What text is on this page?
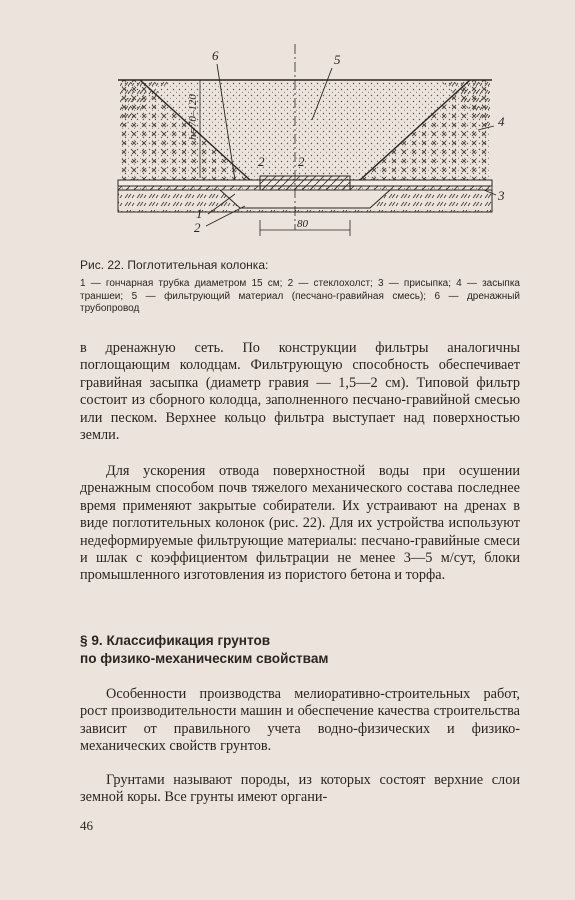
6	5
4
3
1
2
2	2
h=70–120
80

Рис. 22. Поглотительная колонка:

1 — гончарная трубка диаметром 15 см; 2 — стеклохолст; 3 — присыпка; 4 — засыпка траншеи; 5 — фильтрующий материал (песчано-гравийная смесь); 6 — дренажный трубопровод

в дренажную сеть. По конструкции фильтры аналогичны поглощающим колодцам. Фильтрующую способность обеспечивает гравийная засыпка (диаметр гравия — 1,5—2 см). Типовой фильтр состоит из сборного колодца, заполненного песчано-гравийной смесью или песком. Верхнее кольцо фильтра выступает над поверхностью земли.

Для ускорения отвода поверхностной воды при осушении дренажным способом почв тяжелого механического состава последнее время применяют закрытые собиратели. Их устраивают на дренах в виде поглотительных колонок (рис. 22). Для их устройства используют недеформируемые фильтрующие материалы: песчано-гравийные смеси и шлак с коэффициентом фильтрации не менее 3—5 м/сут, блоки промышленного изготовления из пористого бетона и торфа.

§ 9. Классификация грунтов
по физико-механическим свойствам

Особенности производства мелиоративно-строительных работ, рост производительности машин и обеспечение качества строительства зависит от правильного учета водно-физических и физико-механических свойств грунтов.

Грунтами называют породы, из которых состоят верхние слои земной коры. Все грунты имеют органи-

46
